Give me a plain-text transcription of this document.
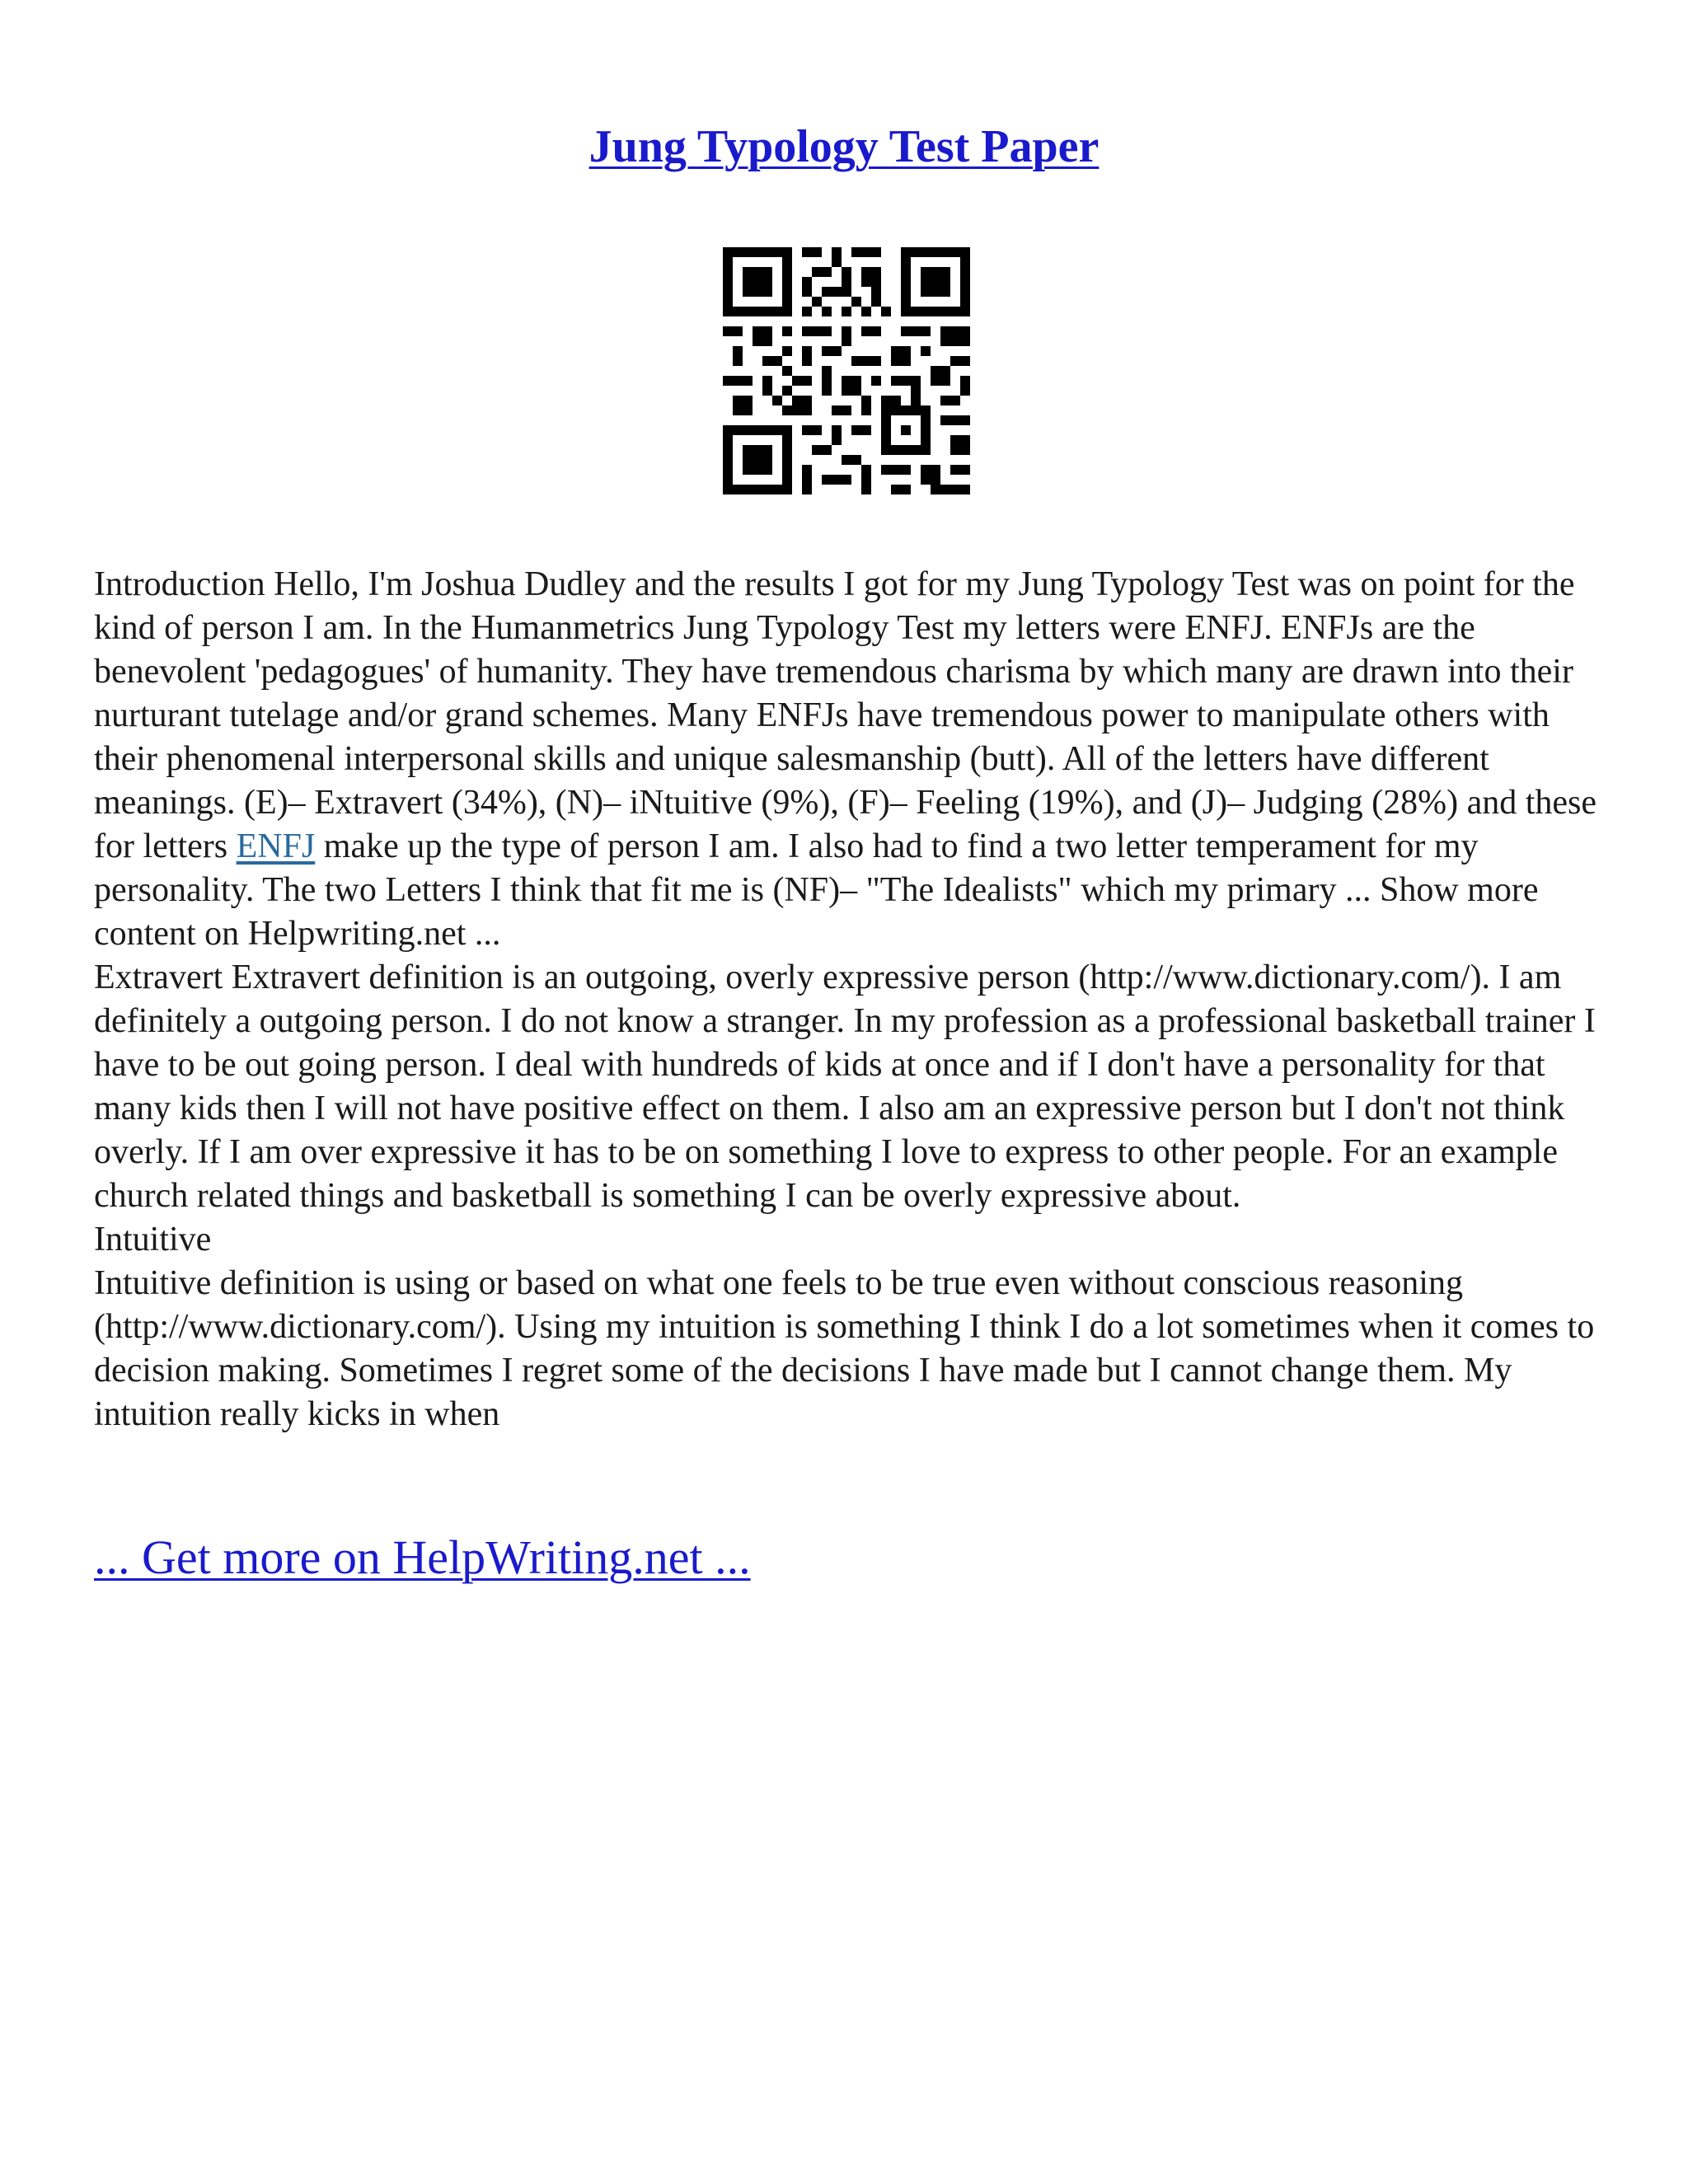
Jung Typology Test Paper

Introduction Hello, I'm Joshua Dudley and the results I got for my Jung Typology Test was on point for the kind of person I am. In the Humanmetrics Jung Typology Test my letters were ENFJ. ENFJs are the benevolent 'pedagogues' of humanity. They have tremendous charisma by which many are drawn into their nurturant tutelage and/or grand schemes. Many ENFJs have tremendous power to manipulate others with their phenomenal interpersonal skills and unique salesmanship (butt). All of the letters have different meanings. (E)– Extravert (34%), (N)– iNtuitive (9%), (F)– Feeling (19%), and (J)– Judging (28%) and these for letters ENFJ make up the type of person I am. I also had to find a two letter temperament for my personality. The two Letters I think that fit me is (NF)– "The Idealists" which my primary ... Show more content on Helpwriting.net ...

Extravert Extravert definition is an outgoing, overly expressive person (http://www.dictionary.com/). I am definitely a outgoing person. I do not know a stranger. In my profession as a professional basketball trainer I have to be out going person. I deal with hundreds of kids at once and if I don't have a personality for that many kids then I will not have positive effect on them. I also am an expressive person but I don't not think overly. If I am over expressive it has to be on something I love to express to other people. For an example church related things and basketball is something I can be overly expressive about.

Intuitive

Intuitive definition is using or based on what one feels to be true even without conscious reasoning (http://www.dictionary.com/). Using my intuition is something I think I do a lot sometimes when it comes to decision making. Sometimes I regret some of the decisions I have made but I cannot change them. My intuition really kicks in when

... Get more on HelpWriting.net ...
